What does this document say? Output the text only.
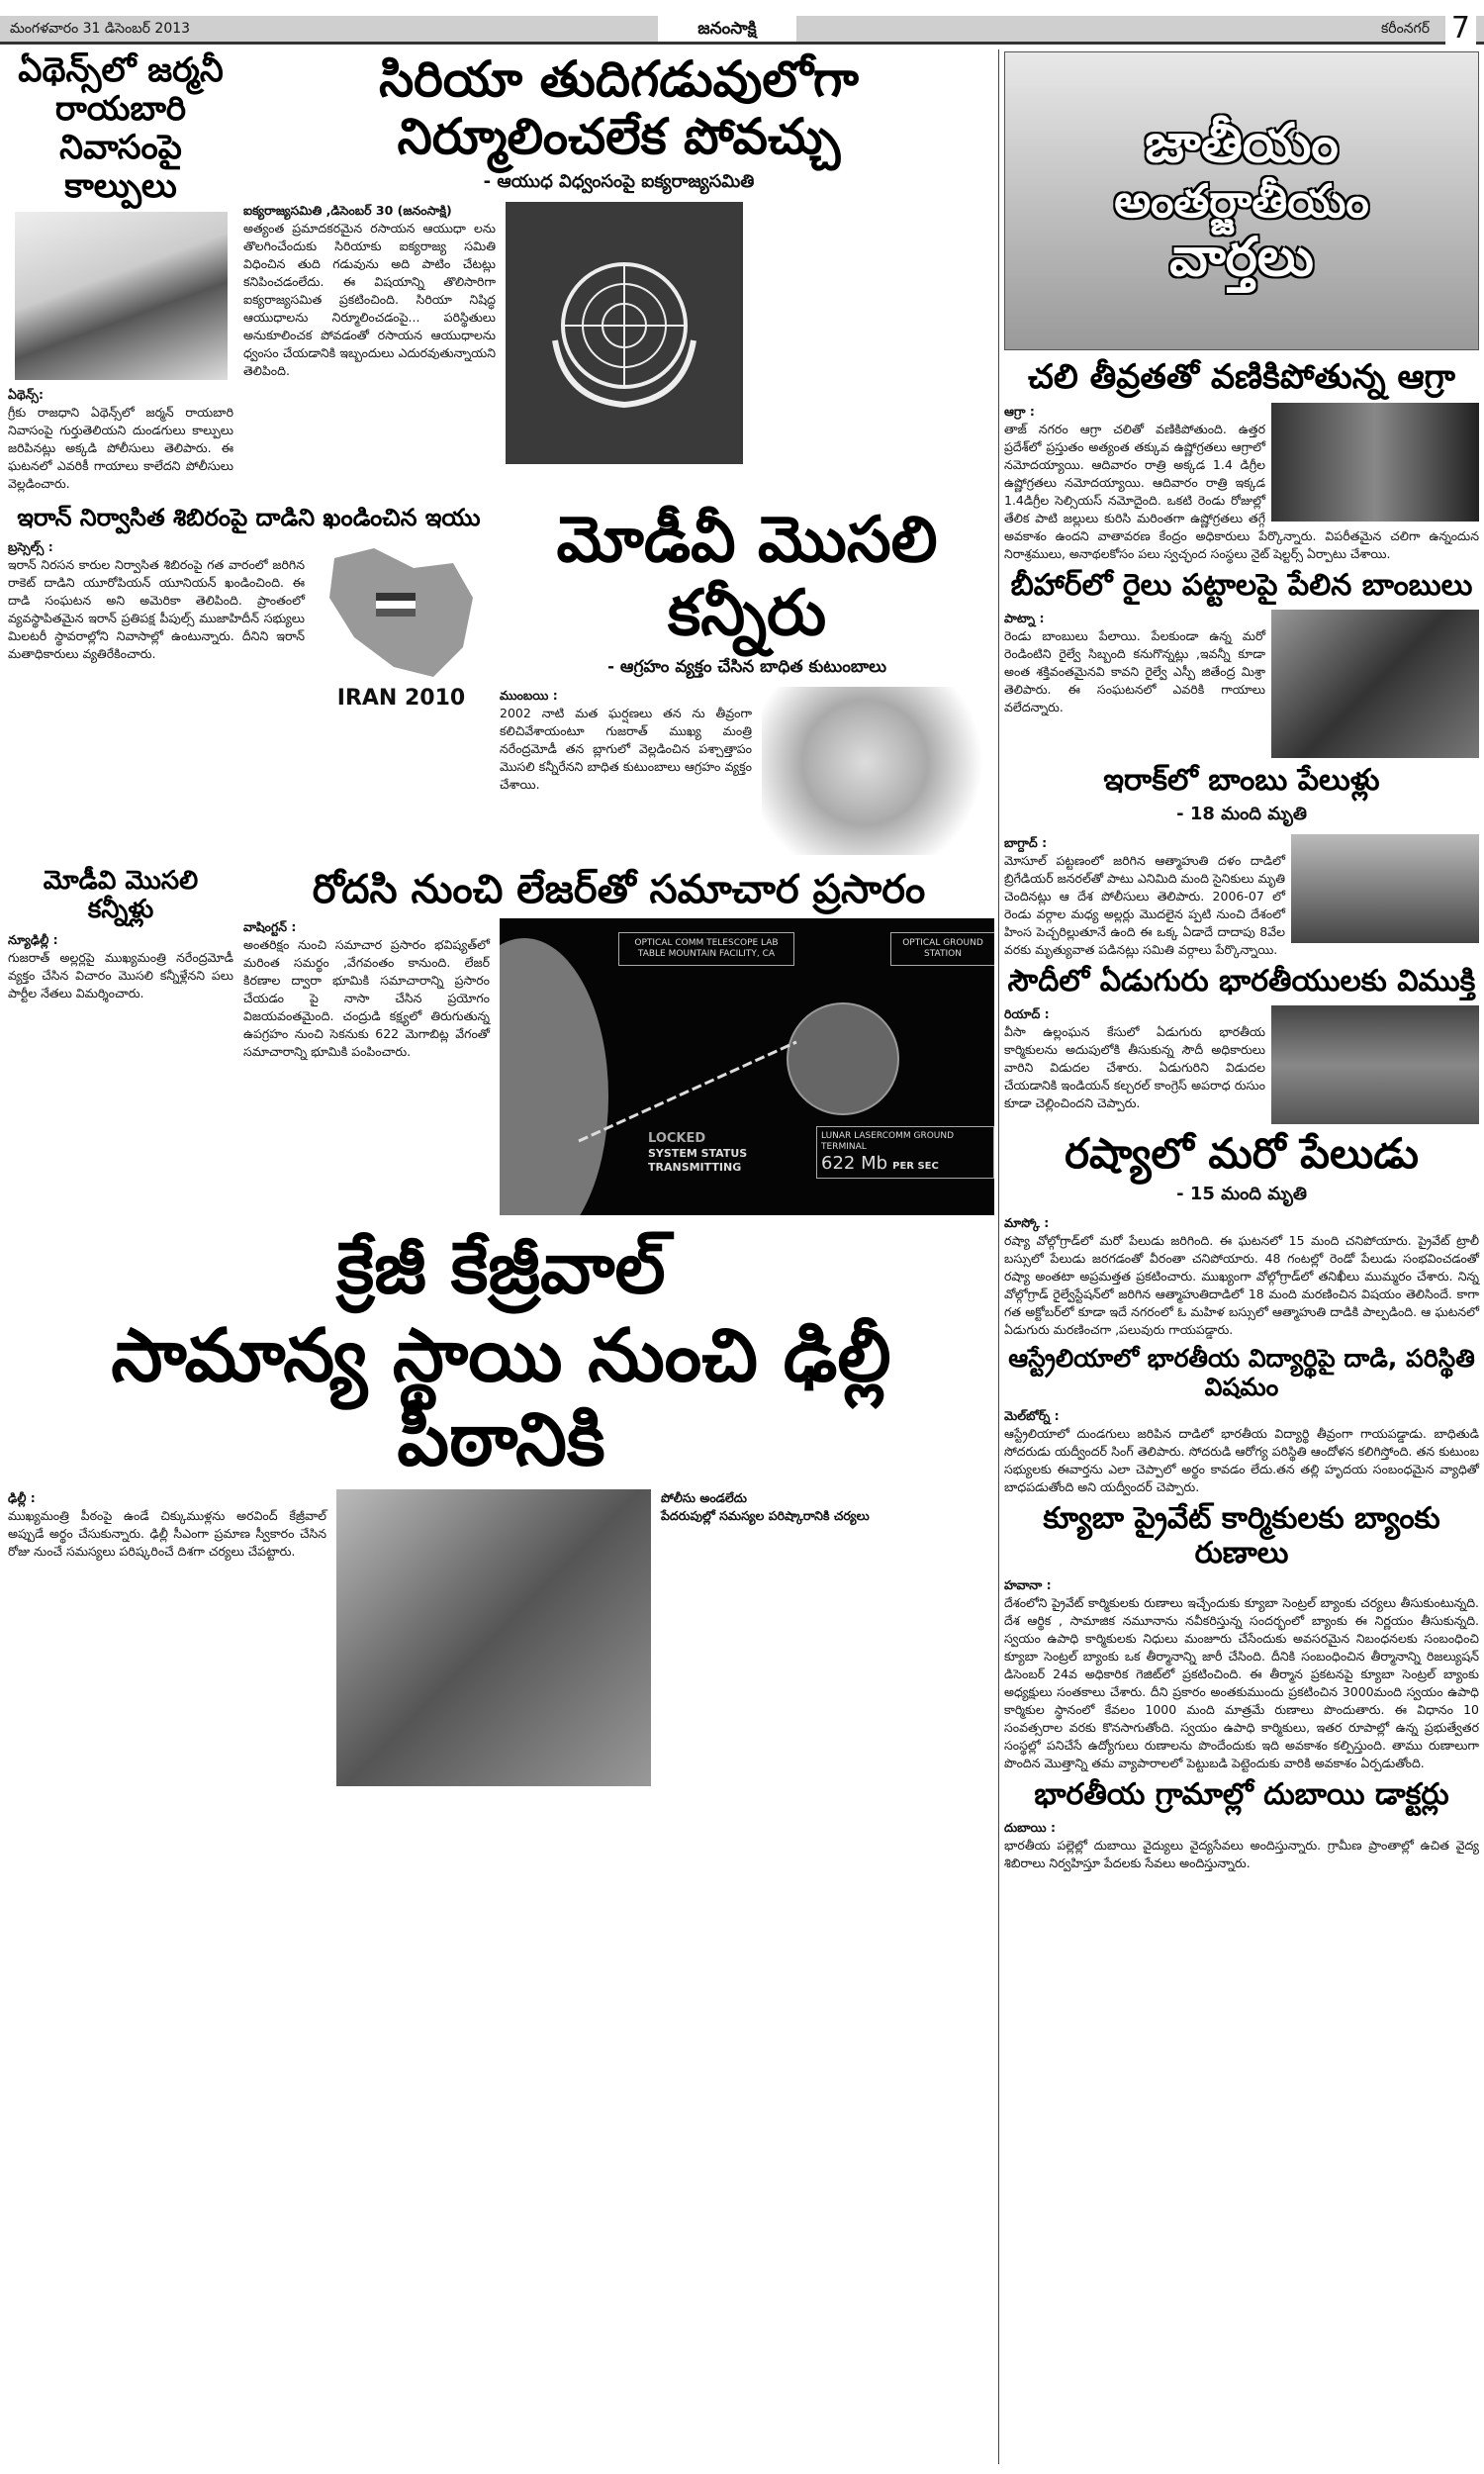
మంగళవారం 31 డిసెంబర్ 2013	జనంసాక్షి	కరీంనగర్ 7
ఏథెన్స్‌లో జర్మనీ రాయబారి నివాసంపై కాల్పులు
ఏథెన్స్:
గ్రీకు రాజధాని ఏథెన్స్‌లో జర్మన్ రాయబారి నివాసంపై గుర్తుతెలియని దుండగులు కాల్పులు జరిపినట్లు అక్కడి పోలీసులు తెలిపారు. ఈ ఘటనలో ఎవరికీ గాయాలు కాలేదని పోలీసులు వెల్లడించారు.
సిరియా తుదిగడువులోగా నిర్మూలించలేక పోవచ్చు
- ఆయుధ విధ్వంసంపై ఐక్యరాజ్యసమితి
ఐక్యరాజ్యసమితి ,డిసెంబర్ 30 (జనంసాక్షి)
అత్యంత ప్రమాదకరమైన రసాయన ఆయుధా లను తొలగించేందుకు సిరియాకు ఐక్యరాజ్య సమితి విధించిన తుది గడువును అది పాటిం చేటట్లు కనిపించడంలేదు. ఈ విషయాన్ని తొలిసారిగా ఐక్యరాజ్యసమిత ప్రకటించింది. సిరియా నిషిద్ధ ఆయుధాలను నిర్మూలించడంపై... పరిస్థితులు అనుకూలించక పోవడంతో రసాయన ఆయుధాలను ధ్వంసం చేయడానికి ఇబ్బందులు ఎదురవుతున్నాయని తెలిపింది.
ఇరాన్ నిర్వాసిత శిబిరంపై దాడిని ఖండించిన ఇయు
బ్రస్సెల్స్ :
ఇరాన్ నిరసన కారుల నిర్వాసిత శిబిరంపై గత వారంలో జరిగిన రాకెట్ దాడిని యూరోపియన్ యూనియన్ ఖండించింది. ఈ దాడి సంఘటన అని అమెరికా తెలిపింది. ప్రాంతంలో వ్యవస్థాపితమైన ఇరాన్ ప్రతిపక్ష పీపుల్స్ ముజాహిదీన్ సభ్యులు మిలటరీ స్థావరాల్లోని నివాసాల్లో ఉంటున్నారు. దీనిని ఇరాన్ మతాధికారులు వ్యతిరేకించారు.
IRAN 2010
మోడీవీ మొసలి కన్నీరు
- ఆగ్రహం వ్యక్తం చేసిన బాధిత కుటుంబాలు
ముంబయి :
2002 నాటి మత ఘర్షణలు తన ను తీవ్రంగా కలిచివేశాయంటూ గుజరాత్ ముఖ్య మంత్రి నరేంద్రమోడీ తన బ్లాగులో వెల్లడించిన పశ్చాత్తాపం మొసలి కన్నీరేనని బాధిత కుటుంబాలు ఆగ్రహం వ్యక్తం చేశాయి.
మోడీవి మొసలి కన్నీళ్లు
న్యూఢిల్లీ :
గుజరాత్ అల్లర్లపై ముఖ్యమంత్రి నరేంద్రమోడీ వ్యక్తం చేసిన విచారం మొసలి కన్నీళ్లేనని పలు పార్టీల నేతలు విమర్శించారు.
రోదసి నుంచి లేజర్‌తో సమాచార ప్రసారం
వాషింగ్టన్ :
అంతరిక్షం నుంచి సమాచార ప్రసారం భవిష్యత్‌లో మరింత సమర్థం ,వేగవంతం కానుంది. లేజర్ కిరణాల ద్వారా భూమికి సమాచారాన్ని ప్రసారం చేయడం పై నాసా చేసిన ప్రయోగం విజయవంతమైంది. చంద్రుడి కక్ష్యలో తిరుగుతున్న ఉపగ్రహం నుంచి సెకనుకు 622 మెగాబిట్ల వేగంతో సమాచారాన్ని భూమికి పంపించారు.
OPTICAL COMM TELESCOPE LAB
TABLE MOUNTAIN FACILITY, CA
OPTICAL GROUND STATION
LOCKED
SYSTEM STATUS
TRANSMITTING
LUNAR LASERCOMM GROUND TERMINAL
622 Mb PER SEC
క్రేజీ కేజ్రీవాల్
సామాన్య స్థాయి నుంచి ఢిల్లీ పీఠానికి
ఢిల్లీ :
ముఖ్యమంత్రి పీఠంపై ఉండే చిక్కుముళ్లను అరవింద్ కేజ్రీవాల్ అప్పుడే అర్థం చేసుకున్నారు. ఢిల్లీ సీఎంగా ప్రమాణ స్వీకారం చేసిన రోజు నుంచే సమస్యలు పరిష్కరించే దిశగా చర్యలు చేపట్టారు.
పోలీసు అండలేదు
పేదరుపుల్లో సమస్యల పరిష్కారానికి చర్యలు
జాతీయం
అంతర్జాతీయం
వార్తలు
చలి తీవ్రతతో వణికిపోతున్న ఆగ్రా
ఆగ్రా :
తాజ్ నగరం ఆగ్రా చలితో వణికిపోతుంది. ఉత్తర ప్రదేశ్‌లో ప్రస్తుతం అత్యంత తక్కువ ఉష్ణోగ్రతలు ఆగ్రాలో నమోదయ్యాయి. ఆదివారం రాత్రి అక్కడ 1.4 డిగ్రీల ఉష్ణోగ్రతలు నమోదయ్యాయి. ఆదివారం రాత్రి ఇక్కడ 1.4డిగ్రీల సెల్సియస్ నమోదైంది. ఒకటి రెండు రోజుల్లో తేలిక పాటి జల్లులు కురిసి మరింతగా ఉష్ణోగ్రతలు తగ్గే అవకాశం ఉందని వాతావరణ కేంద్రం అధికారులు పేర్కొన్నారు. విపరీతమైన చలిగా ఉన్నందున నిరాశ్రములు, అనాథలకోసం పలు స్వచ్ఛంద సంస్థలు నైట్ షెల్టర్స్ ఏర్పాటు చేశాయి.
బీహార్‌లో రైలు పట్టాలపై పేలిన బాంబులు
పాట్నా :
రెండు బాంబులు పేలాయి. పేలకుండా ఉన్న మరో రెండింటిని రైల్వే సిబ్బంది కనుగొన్నట్లు ,ఇవన్నీ కూడా అంత శక్తివంతమైనవి కావని రైల్వే ఎస్పీ జితేంద్ర మిశ్రా తెలిపారు. ఈ సంఘటనలో ఎవరికి గాయాలు వలేదన్నారు.
ఇరాక్‌లో బాంబు పేలుళ్లు
- 18 మంది మృతి
బాగ్దాద్ :
మోసూల్ పట్టణంలో జరిగిన ఆత్మాహుతి దళం దాడిలో బ్రిగేడియర్ జనరల్‌తో పాటు ఎనిమిది మంది సైనికులు మృతి చెందినట్లు ఆ దేశ పోలీసులు తెలిపారు. 2006-07 లో రెండు వర్గాల మధ్య అల్లర్లు మొదలైన ప్పటి నుంచి దేశంలో హింస పెచ్చరిల్లుతూనే ఉంది ఈ ఒక్క ఏడాదే దాదాపు 8వేల వరకు మృత్యువాత పడినట్లు సమితి వర్గాలు పేర్కొన్నాయి.
సౌదీలో ఏడుగురు భారతీయులకు విముక్తి
రియాద్ :
వీసా ఉల్లంఘన కేసులో ఏడుగురు భారతీయ కార్మికులను అదుపులోకి తీసుకున్న సౌదీ అధికారులు వారిని విడుదల చేశారు. ఏడుగురిని విడుదల చేయడానికి ఇండియన్ కల్చరల్ కాంగ్రెస్ అపరాధ రుసుం కూడా చెల్లించిందని చెప్పారు.
రష్యాలో మరో పేలుడు
- 15 మంది మృతి
మాస్కో :
రష్యా వోల్గోగ్రాడ్‌లో మరో పేలుడు జరిగింది. ఈ ఘటనలో 15 మంది చనిపోయారు. ప్రైవేట్ ట్రాలీ బస్సులో పేలుడు జరగడంతో వీరంతా చనిపోయారు. 48 గంటల్లో రెండో పేలుడు సంభవించడంతో రష్యా అంతటా అప్రమత్తత ప్రకటించారు. ముఖ్యంగా వోల్గోగ్రాడ్‌లో తనిఖీలు ముమ్మరం చేశారు. నిన్న వోల్గోగ్రాడ్ రైల్వేస్టేషన్‌లో జరిగిన ఆత్మాహుతిదాడిలో 18 మంది మరణించిన విషయం తెలిసిందే. కాగా గత అక్టోబర్‌లో కూడా ఇదే నగరంలో ఓ మహిళ బస్సులో ఆత్మాహుతి దాడికి పాల్పడింది. ఆ ఘటనలో ఏడుగురు మరణించగా ,పలువురు గాయపడ్డారు.
ఆస్ట్రేలియాలో భారతీయ విద్యార్థిపై దాడి, పరిస్థితి విషమం
మెల్‌బోర్న్ :
ఆస్ట్రేలియాలో దుండగులు జరిపిన దాడిలో భారతీయ విద్యార్థి తీవ్రంగా గాయపడ్డాడు. బాధితుడి సోదరుడు యద్వీందర్ సింగ్ తెలిపారు. సోదరుడి ఆరోగ్య పరిస్థితి ఆందోళన కలిగిస్తోంది. తన కుటుంబ సభ్యులకు ఈవార్తను ఎలా చెప్పాలో అర్థం కావడం లేదు.తన తల్లి హృదయ సంబంధమైన వ్యాధితో బాధపడుతోంది అని యద్వీందర్ చెప్పారు.
క్యూబా ప్రైవేట్ కార్మికులకు బ్యాంకు రుణాలు
హవానా :
దేశంలోని ప్రైవేట్ కార్మికులకు రుణాలు ఇచ్చేందుకు క్యూబా సెంట్రల్ బ్యాంకు చర్యలు తీసుకుంటున్నది. దేశ ఆర్థిక , సామాజిక నమూనాను నవీకరిస్తున్న సందర్భంలో బ్యాంకు ఈ నిర్ణయం తీసుకున్నది. స్వయం ఉపాధి కార్మికులకు నిధులు మంజూరు చేసేందుకు అవసరమైన నిబంధనలకు సంబంధించి క్యూబా సెంట్రల్ బ్యాంకు ఒక తీర్మానాన్ని జారీ చేసింది. దీనికి సంబంధించిన తీర్మానాన్ని రిజల్యుషన్ డిసెంబర్ 24వ అధికారిక గెజిట్‌లో ప్రకటించింది. ఈ తీర్మాన ప్రకటనపై క్యూబా సెంట్రల్ బ్యాంకు అధ్యక్షులు సంతకాలు చేశారు. దీని ప్రకారం అంతకుముందు ప్రకటించిన 3000మంది స్వయం ఉపాధి కార్మికుల స్థానంలో కేవలం 1000 మంది మాత్రమే రుణాలు పొందుతారు. ఈ విధానం 10 సంవత్సరాల వరకు కొనసాగుతోంది. స్వయం ఉపాధి కార్మికులు, ఇతర రూపాల్లో ఉన్న ప్రభుత్వేతర సంస్థల్లో పనిచేసే ఉద్యోగులు రుణాలను పొందేందుకు ఇది అవకాశం కల్పిస్తుంది. తాము రుణాలుగా పొందిన మొత్తాన్ని తమ వ్యాపారాలలో పెట్టుబడి పెట్టెందుకు వారికి అవకాశం ఏర్పడుతోంది.
భారతీయ గ్రామాల్లో దుబాయి డాక్టర్లు
దుబాయి :
భారతీయ పల్లెల్లో దుబాయి వైద్యులు వైద్యసేవలు అందిస్తున్నారు. గ్రామీణ ప్రాంతాల్లో ఉచిత వైద్య శిబిరాలు నిర్వహిస్తూ పేదలకు సేవలు అందిస్తున్నారు.
